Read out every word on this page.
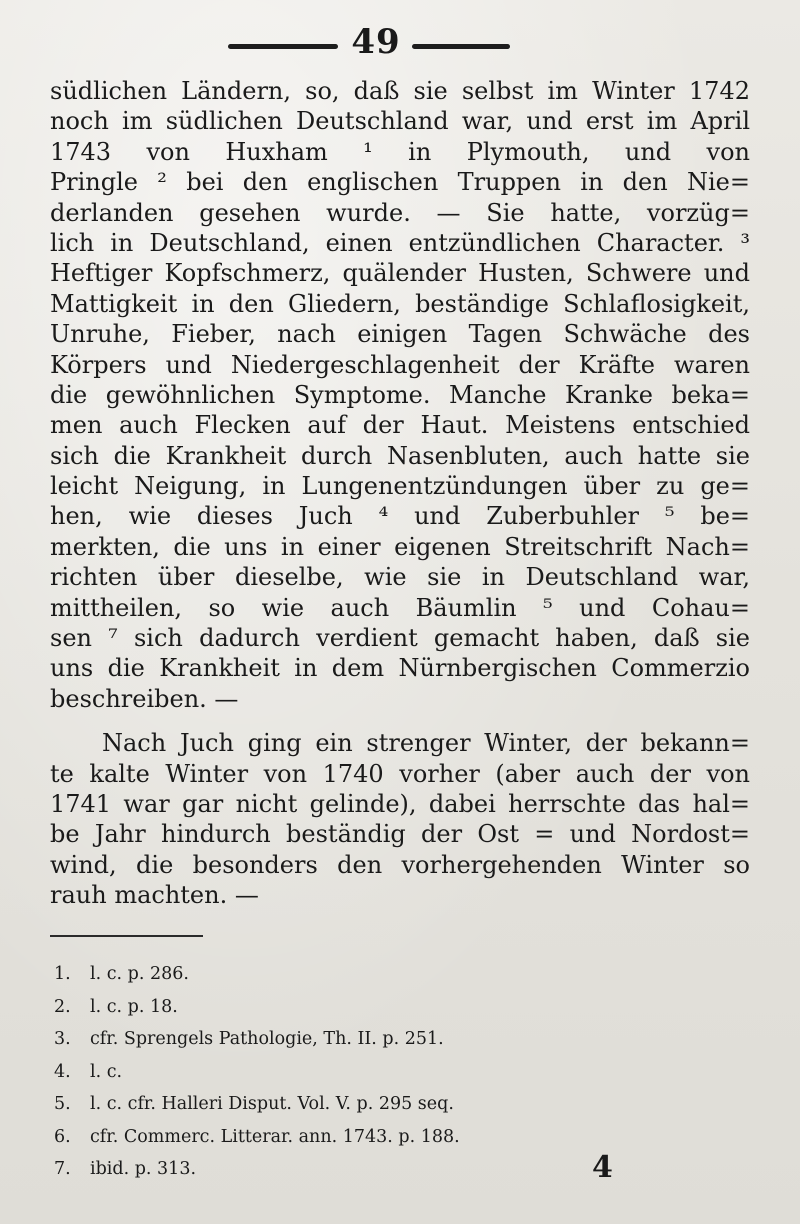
49
südlichen Ländern, so, daß sie selbst im Winter 1742
noch im südlichen Deutschland war, und erst im April
1743 von Huxham ¹ in Plymouth, und von
Pringle ² bei den englischen Truppen in den Nie=
derlanden gesehen wurde. — Sie hatte, vorzüg=
lich in Deutschland, einen entzündlichen Character. ³
Heftiger Kopfschmerz, quälender Husten, Schwere und
Mattigkeit in den Gliedern, beständige Schlaflosigkeit,
Unruhe, Fieber, nach einigen Tagen Schwäche des
Körpers und Niedergeschlagenheit der Kräfte waren
die gewöhnlichen Symptome. Manche Kranke beka=
men auch Flecken auf der Haut. Meistens entschied
sich die Krankheit durch Nasenbluten, auch hatte sie
leicht Neigung, in Lungenentzündungen über zu ge=
hen, wie dieses Juch ⁴ und Zuberbuhler ⁵ be=
merkten, die uns in einer eigenen Streitschrift Nach=
richten über dieselbe, wie sie in Deutschland war,
mittheilen, so wie auch Bäumlin ⁵ und Cohau=
sen ⁷ sich dadurch verdient gemacht haben, daß sie
uns die Krankheit in dem Nürnbergischen Commerzio
beschreiben. —
Nach Juch ging ein strenger Winter, der bekann=
te kalte Winter von 1740 vorher (aber auch der von
1741 war gar nicht gelinde), dabei herrschte das hal=
be Jahr hindurch beständig der Ost = und Nordost=
wind, die besonders den vorhergehenden Winter so
rauh machten. —
1. l. c. p. 286.
2. l. c. p. 18.
3. cfr. Sprengels Pathologie, Th. II. p. 251.
4. l. c.
5. l. c. cfr. Halleri Disput. Vol. V. p. 295 seq.
6. cfr. Commerc. Litterar. ann. 1743. p. 188.
7. ibid. p. 313.	4
